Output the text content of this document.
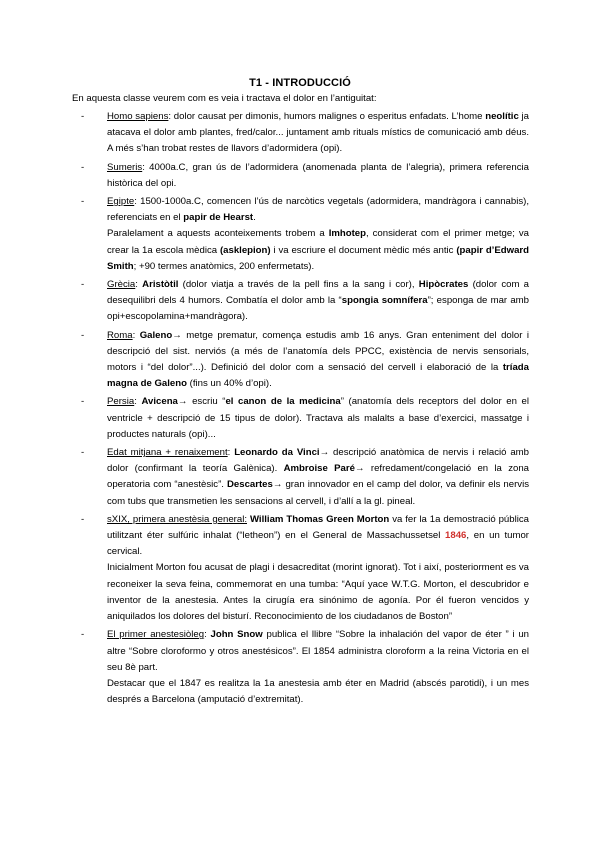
T1 - INTRODUCCIÓ
En aquesta classe veurem com es veia i tractava el dolor en l’antiguitat:
- Homo sapiens: dolor causat per dimonis, humors malignes o esperitus enfadats. L’home neolític ja atacava el dolor amb plantes, fred/calor... juntament amb rituals místics de comunicació amb déus. A més s’han trobat restes de llavors d’adormidera (opi).

- Sumeris: 4000a.C, gran ús de l’adormidera (anomenada planta de l’alegria), primera referencia històrica del opi.

- Egipte: 1500-1000a.C, comencen l’ús de narcòtics vegetals (adormidera, mandràgora i cannabis), referenciats en el papir de Hearst.

Paralelament a aquests aconteixements trobem a Imhotep, considerat com el primer metge; va crear la 1a escola mèdica (asklepion) i va escriure el document mèdic més antic (papir d’Edward Smith; +90 termes anatòmics, 200 enfermetats).

- Grècia: Aristòtil (dolor viatja a través de la pell fins a la sang i cor), Hipòcrates (dolor com a desequilibri dels 4 humors. Combatía el dolor amb la “spongia somnífera”; esponga de mar amb opi+escopolamina+mandràgora).

- Roma: Galeno→ metge prematur, comença estudis amb 16 anys. Gran enteniment del dolor i descripció del sist. nerviós (a més de l’anatomía dels PPCC, existència de nervis sensorials, motors i “del dolor”...). Definició del dolor com a sensació del cervell i elaboració de la tríada magna de Galeno (fins un 40% d’opi).

- Persia: Avicena→ escriu “el canon de la medicina” (anatomía dels receptors del dolor en el ventricle + descripció de 15 tipus de dolor). Tractava als malalts a base d’exercici, massatge i productes naturals (opi)...

- Edat mitjana + renaixement: Leonardo da Vinci→ descripció anatòmica de nervis i relació amb dolor (confirmant la teoría Galènica). Ambroise Paré→ refredament/congelació en la zona operatoria com “anestèsic”. Descartes→ gran innovador en el camp del dolor, va definir els nervis com tubs que transmetien les sensacions al cervell, i d’allí a la gl. pineal.

- sXIX, primera anestèsia general: William Thomas Green Morton va fer la 1a demostració pública utilitzant éter sulfúric inhalat (“letheon”) en el General de Massachussetsel 1846, en un tumor cervical.

Inicialment Morton fou acusat de plagi i desacreditat (morint ignorat). Tot i així, posteriorment es va reconeixer la seva feina, commemorat en una tumba: “Aquí yace W.T.G. Morton, el descubridor e inventor de la anestesia. Antes la cirugía era sinónimo de agonía. Por él fueron vencidos y aniquilados los dolores del bisturí. Reconocimiento de los ciudadanos de Boston”

- El primer anestesiòleg: John Snow publica el llibre “Sobre la inhalación del vapor de éter ” i un altre “Sobre cloroformo y otros anestésicos”. El 1854 administra cloroform a la reina Victoria en el seu 8è part.

Destacar que el 1847 es realitza la 1a anestesia amb éter en Madrid (abscés parotidi), i un mes després a Barcelona (amputació d’extremitat).
